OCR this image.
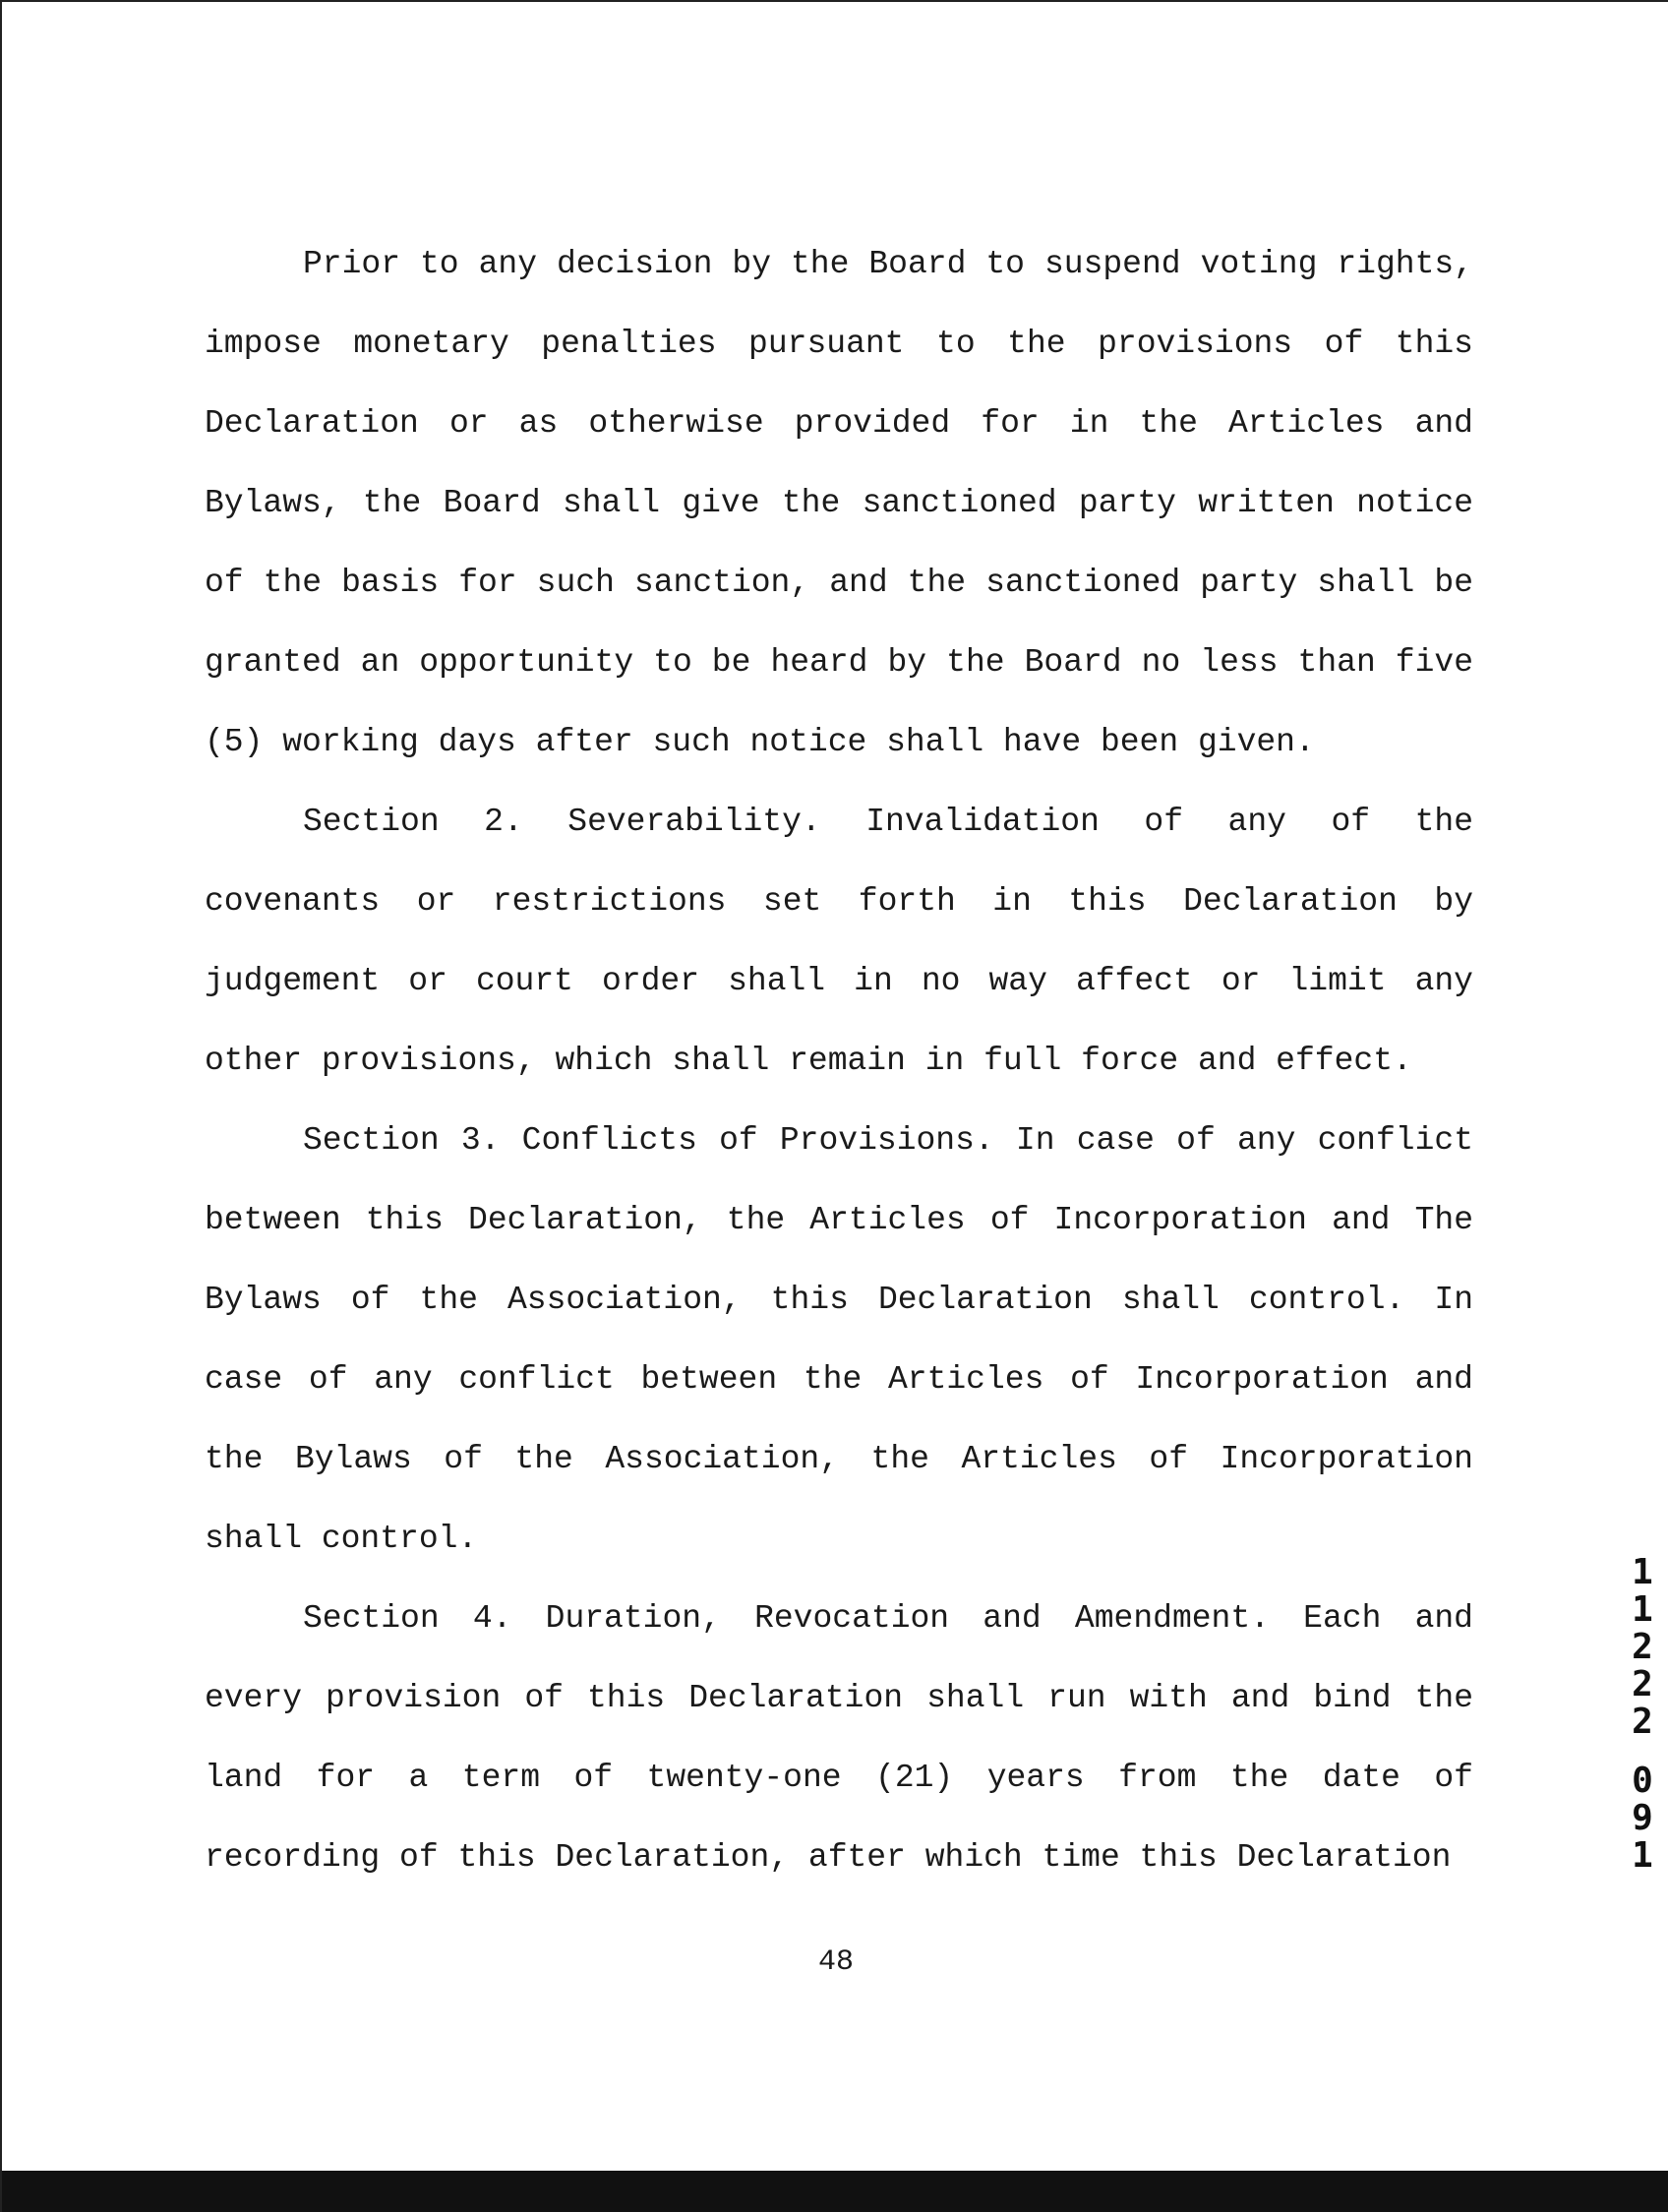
Prior to any decision by the Board to suspend voting rights, impose monetary penalties pursuant to the provisions of this Declaration or as otherwise provided for in the Articles and Bylaws, the Board shall give the sanctioned party written notice of the basis for such sanction, and the sanctioned party shall be granted an opportunity to be heard by the Board no less than five (5) working days after such notice shall have been given.

Section 2. Severability. Invalidation of any of the covenants or restrictions set forth in this Declaration by judgement or court order shall in no way affect or limit any other provisions, which shall remain in full force and effect.

Section 3. Conflicts of Provisions. In case of any conflict between this Declaration, the Articles of Incorporation and The Bylaws of the Association, this Declaration shall control. In case of any conflict between the Articles of Incorporation and the Bylaws of the Association, the Articles of Incorporation shall control.

Section 4. Duration, Revocation and Amendment. Each and every provision of this Declaration shall run with and bind the land for a term of twenty-one (21) years from the date of recording of this Declaration, after which time this Declaration

48
1
1
2
2
2
0
9
1
